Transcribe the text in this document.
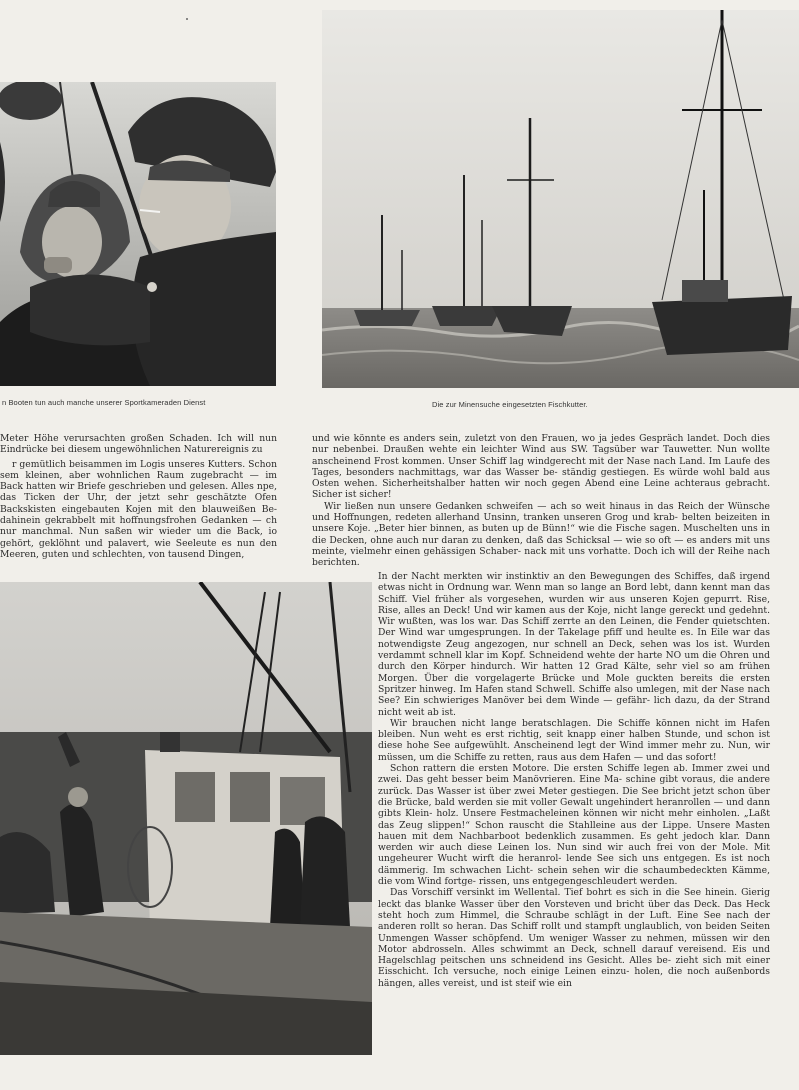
n Booten tun auch manche unserer Sportkameraden Dienst	Die zur Minensuche eingesetzten Fischkutter.

Meter Höhe verursachten großen Schaden. Ich will nun Eindrücke bei diesem ungewöhnlichen Naturereignis zu

r gemütlich beisammen im Logis unseres Kutters. Schon sem kleinen, aber wohnlichen Raum zugebracht — im Back hatten wir Briefe geschrieben und gelesen. Alles npe, das Ticken der Uhr, der jetzt sehr geschätzte Ofen Backskisten eingebauten Kojen mit den blauweißen Be- dahinein gekrabbelt mit hoffnungsfrohen Gedanken — ch nur manchmal. Nun saßen wir wieder um die Back, io gehört, geklöhnt und palavert, wie Seeleute es nun den Meeren, guten und schlechten, von tausend Dingen,

und wie könnte es anders sein, zuletzt von den Frauen, wo ja jedes Gespräch landet. Doch dies nur nebenbei. Draußen wehte ein leichter Wind aus SW. Tagsüber war Tauwetter. Nun wollte anscheinend Frost kommen. Unser Schiff lag windgerecht mit der Nase nach Land. Im Laufe des Tages, besonders nachmittags, war das Wasser be- ständig gestiegen. Es würde wohl bald aus Osten wehen. Sicherheitshalber hatten wir noch gegen Abend eine Leine achteraus gebracht. Sicher ist sicher!

Wir ließen nun unsere Gedanken schweifen — ach so weit hinaus in das Reich der Wünsche und Hoffnungen, redeten allerhand Unsinn, tranken unseren Grog und krab- belten beizeiten in unsere Koje. „Beter hier binnen, as buten up de Bünn!“ wie die Fische sagen. Muschelten uns in die Decken, ohne auch nur daran zu denken, daß das Schicksal — wie so oft — es anders mit uns meinte, vielmehr einen gehässigen Schaber- nack mit uns vorhatte. Doch ich will der Reihe nach berichten.

In der Nacht merkten wir instinktiv an den Bewegungen des Schiffes, daß irgend etwas nicht in Ordnung war. Wenn man so lange an Bord lebt, dann kennt man das Schiff. Viel früher als vorgesehen, wurden wir aus unseren Kojen gepurrt. Rise, Rise, alles an Deck! Und wir kamen aus der Koje, nicht lange gereckt und gedehnt. Wir wußten, was los war. Das Schiff zerrte an den Leinen, die Fender quietschten. Der Wind war umgesprungen. In der Takelage pfiff und heulte es. In Eile war das notwendigste Zeug angezogen, nur schnell an Deck, sehen was los ist. Wurden verdammt schnell klar im Kopf. Schneidend wehte der harte NO um die Ohren und durch den Körper hindurch. Wir hatten 12 Grad Kälte, sehr viel so am frühen Morgen. Über die vorgelagerte Brücke und Mole guckten bereits die ersten Spritzer hinweg. Im Hafen stand Schwell. Schiffe also umlegen, mit der Nase nach See? Ein schwieriges Manöver bei dem Winde — gefähr- lich dazu, da der Strand nicht weit ab ist.

Wir brauchen nicht lange beratschlagen. Die Schiffe können nicht im Hafen bleiben. Nun weht es erst richtig, seit knapp einer halben Stunde, und schon ist diese hohe See aufgewühlt. Anscheinend legt der Wind immer mehr zu. Nun, wir müssen, um die Schiffe zu retten, raus aus dem Hafen — und das sofort!

Schon rattern die ersten Motore. Die ersten Schiffe legen ab. Immer zwei und zwei. Das geht besser beim Manövrieren. Eine Ma- schine gibt voraus, die andere zurück. Das Wasser ist über zwei Meter gestiegen. Die See bricht jetzt schon über die Brücke, bald werden sie mit voller Gewalt ungehindert heranrollen — und dann gibts Klein- holz. Unsere Festmacheleinen können wir nicht mehr einholen. „Laßt das Zeug slippen!“ Schon rauscht die Stahlleine aus der Lippe. Unsere Masten hauen mit dem Nachbarboot bedenklich zusammen. Es geht jedoch klar. Dann werden wir auch diese Leinen los. Nun sind wir auch frei von der Mole. Mit ungeheurer Wucht wirft die heranrol- lende See sich uns entgegen. Es ist noch dämmerig. Im schwachen Licht- schein sehen wir die schaumbedeckten Kämme, die vom Wind fortge- rissen, uns entgegengeschleudert werden.

Das Vorschiff versinkt im Wellental. Tief bohrt es sich in die See hinein. Gierig leckt das blanke Wasser über den Vorsteven und bricht über das Deck. Das Heck steht hoch zum Himmel, die Schraube schlägt in der Luft. Eine See nach der anderen rollt so heran. Das Schiff rollt und stampft unglaublich, von beiden Seiten Unmengen Wasser schöpfend. Um weniger Wasser zu nehmen, müssen wir den Motor abdrosseln. Alles schwimmt an Deck, schnell darauf vereisend. Eis und Hagelschlag peitschen uns schneidend ins Gesicht. Alles be- zieht sich mit einer Eisschicht. Ich versuche, noch einige Leinen einzu- holen, die noch außenbords hängen, alles vereist, und ist steif wie ein
